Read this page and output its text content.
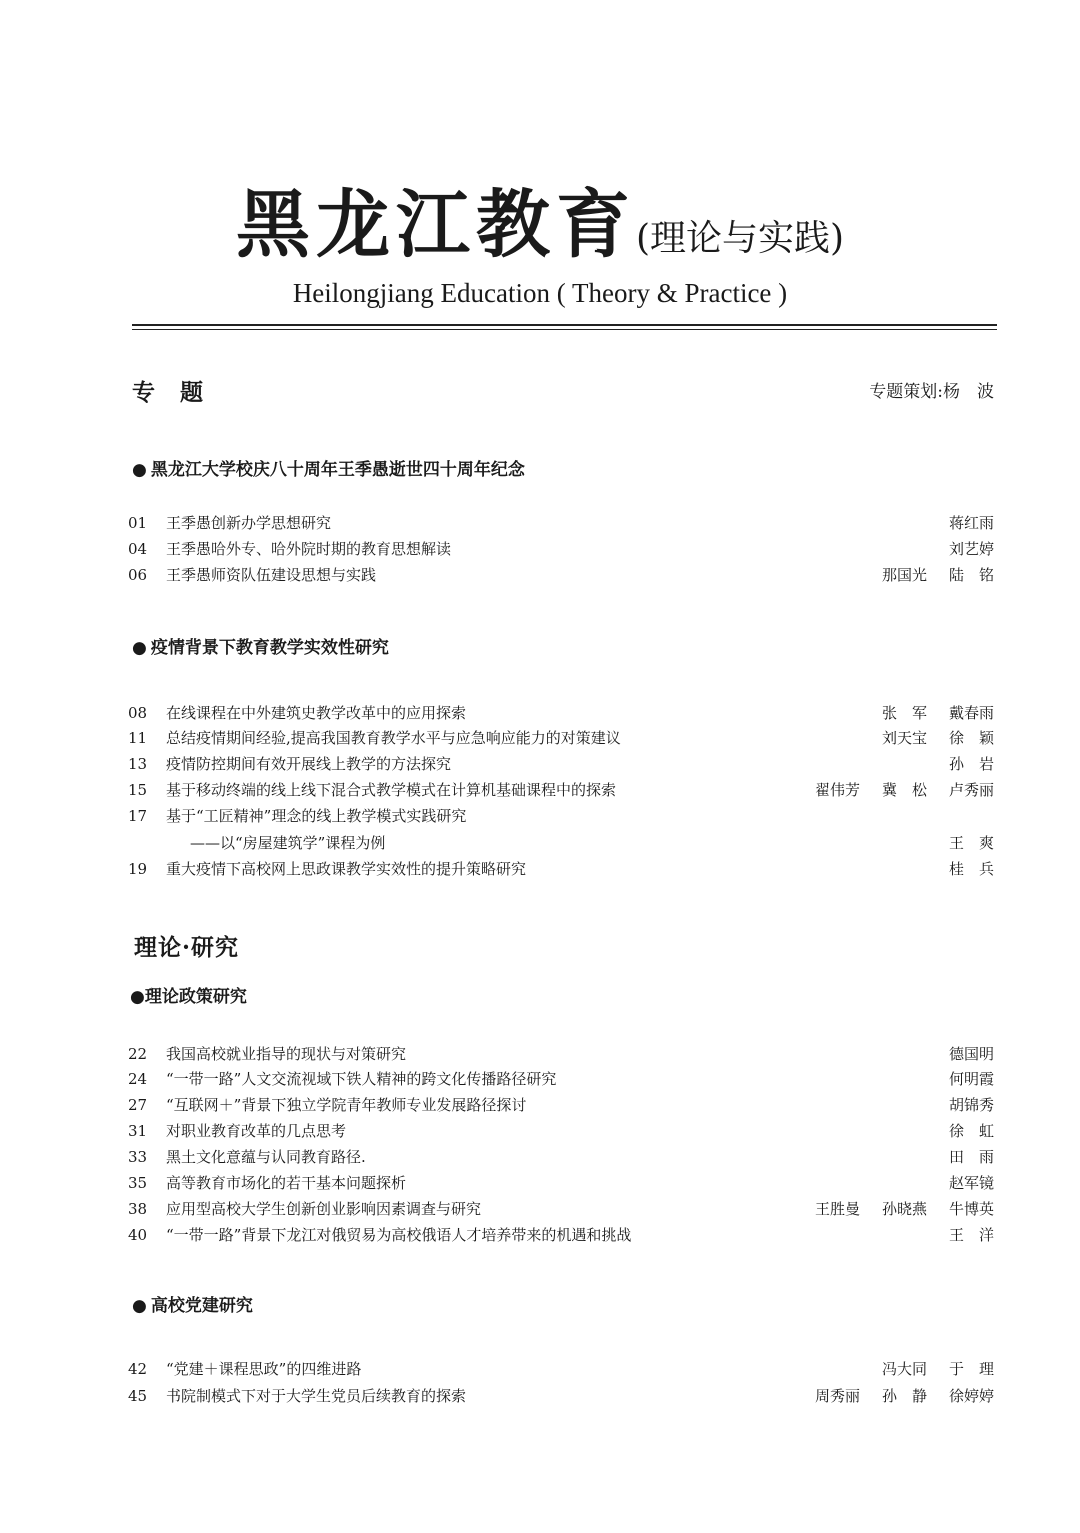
黑龙江教育(理论与实践)
Heilongjiang Education ( Theory & Practice )
专　题	专题策划:杨　波
● 黑龙江大学校庆八十周年王季愚逝世四十周年纪念
01	王季愚创新办学思想研究	蒋红雨
04	王季愚哈外专、哈外院时期的教育思想解读	刘艺婷
06	王季愚师资队伍建设思想与实践	那国光 陆　铭
● 疫情背景下教育教学实效性研究
08	在线课程在中外建筑史教学改革中的应用探索	张　军 戴春雨
11	总结疫情期间经验,提高我国教育教学水平与应急响应能力的对策建议	刘天宝 徐　颖
13	疫情防控期间有效开展线上教学的方法探究	孙　岩
15	基于移动终端的线上线下混合式教学模式在计算机基础课程中的探索	翟伟芳 冀　松 卢秀丽
17	基于“工匠精神”理念的线上教学模式实践研究
——以“房屋建筑学”课程为例	王　爽
19	重大疫情下高校网上思政课教学实效性的提升策略研究	桂　兵
理论·研究
●理论政策研究
22	我国高校就业指导的现状与对策研究	德国明
24	“一带一路”人文交流视域下铁人精神的跨文化传播路径研究	何明霞
27	“互联网＋”背景下独立学院青年教师专业发展路径探讨	胡锦秀
31	对职业教育改革的几点思考	徐　虹
33	黑土文化意蕴与认同教育路径.	田　雨
35	高等教育市场化的若干基本问题探析	赵军镜
38	应用型高校大学生创新创业影响因素调查与研究	王胜曼 孙晓燕 牛博英
40	“一带一路”背景下龙江对俄贸易为高校俄语人才培养带来的机遇和挑战	王　洋
● 高校党建研究
42	“党建＋课程思政”的四维进路	冯大同 于　理
45	书院制模式下对于大学生党员后续教育的探索	周秀丽 孙　静 徐婷婷
